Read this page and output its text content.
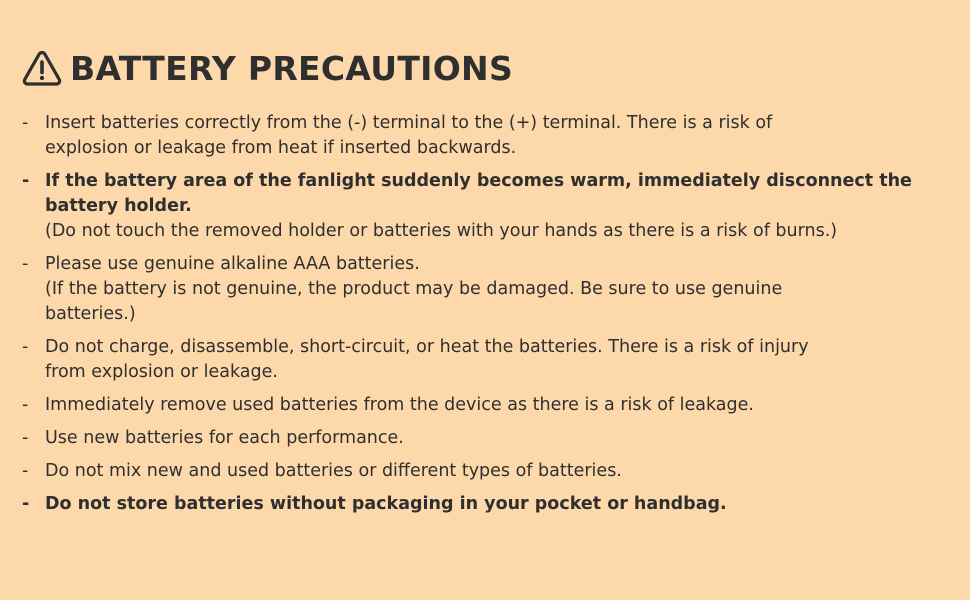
BATTERY PRECAUTIONS
- Insert batteries correctly from the (-) terminal to the (+) terminal. There is a risk of
explosion or leakage from heat if inserted backwards.
- If the battery area of the fanlight suddenly becomes warm, immediately disconnect the
battery holder.
(Do not touch the removed holder or batteries with your hands as there is a risk of burns.)
- Please use genuine alkaline AAA batteries.
(If the battery is not genuine, the product may be damaged. Be sure to use genuine
batteries.)
- Do not charge, disassemble, short-circuit, or heat the batteries. There is a risk of injury
from explosion or leakage.
- Immediately remove used batteries from the device as there is a risk of leakage.
- Use new batteries for each performance.
- Do not mix new and used batteries or different types of batteries.
- Do not store batteries without packaging in your pocket or handbag.
